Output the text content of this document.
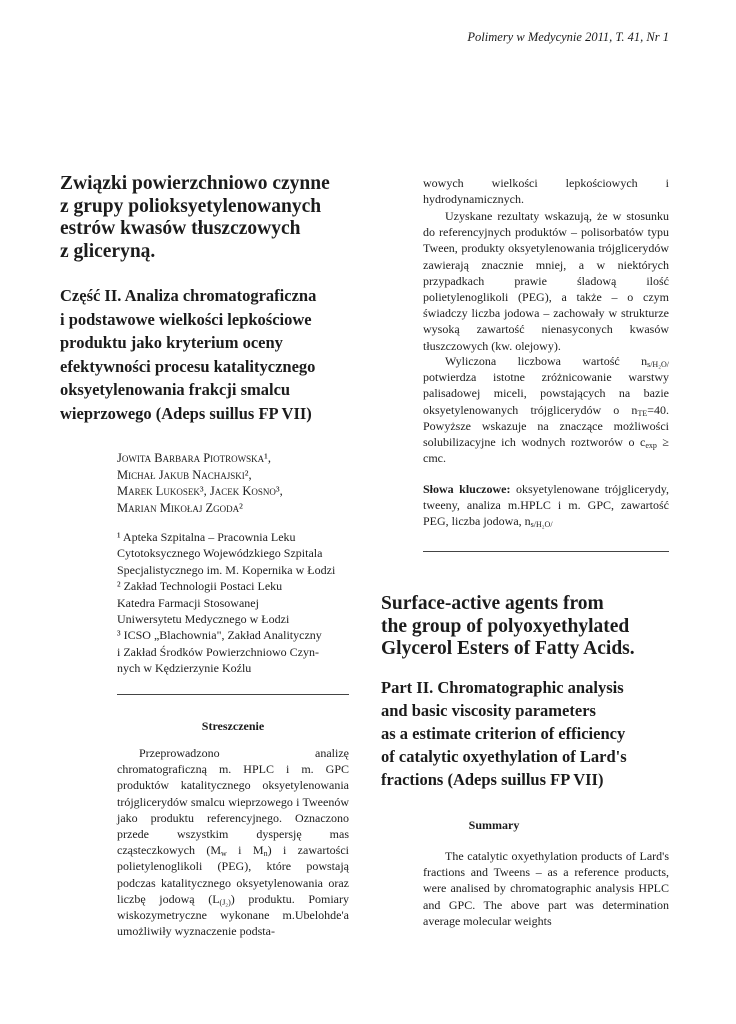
Polimery w Medycynie 2011, T. 41, Nr 1
Związki powierzchniowo czynne
z grupy polioksyetylenowanych
estrów kwasów tłuszczowych
z gliceryną.
Część II. Analiza chromatograficzna
i podstawowe wielkości lepkościowe
produktu jako kryterium oceny
efektywności procesu katalitycznego
oksyetylenowania frakcji smalcu
wieprzowego (Adeps suillus FP VII)
Jowita Barbara Piotrowska¹,
Michał Jakub Nachajski²,
Marek Lukosek³, Jacek Kosno³,
Marian Mikołaj Zgoda²
¹ Apteka Szpitalna – Pracownia Leku
Cytotoksycznego Wojewódzkiego Szpitala
Specjalistycznego im. M. Kopernika w Łodzi
² Zakład Technologii Postaci Leku
Katedra Farmacji Stosowanej
Uniwersytetu Medycznego w Łodzi
³ ICSO „Blachownia", Zakład Analityczny
i Zakład Środków Powierzchniowo Czyn-
nych w Kędzierzynie Koźlu
Streszczenie

Przeprowadzono analizę chromatograficzną m. HPLC i m. GPC produktów katalitycznego oksyetylenowania trójglicerydów smalcu wieprzowego i Tweenów jako produktu referencyjnego. Oznaczono przede wszystkim dyspersję mas cząsteczkowych ($M_w$ i $M_n$) i zawartości polietylenoglikoli (PEG), które powstają podczas katalitycznego oksyetylenowania oraz liczbę jodową $(L_{(J_2)})$ produktu. Pomiary wiskozymetryczne wykonane m.Ubelohde'a umożliwiły wyznaczenie podsta-

wowych wielkości lepkościowych i hydrodynamicznych.

Uzyskane rezultaty wskazują, że w stosunku do referencyjnych produktów – polisorbatów typu Tween, produkty oksyetylenowania trójglicerydów zawierają znacznie mniej, a w niektórych przypadkach prawie śladową ilość polietylenoglikoli (PEG), a także – o czym świadczy liczba jodowa – zachowały w strukturze wysoką zawartość nienasyconych kwasów tłuszczowych (kw. olejowy).

Wyliczona liczbowa wartość $n_{s/H_2O/}$ potwierdza istotne zróżnicowanie warstwy palisadowej miceli, powstających na bazie oksyetylenowanych trójglicerydów o $n_{TE}=40$. Powyższe wskazuje na znaczące możliwości solubilizacyjne ich wodnych roztworów o $c_{exp}$ ≥ cmc.

Słowa kluczowe: oksyetylenowane trójglicerydy, tweeny, analiza m.HPLC i m. GPC, zawartość PEG, liczba jodowa, $n_{s/H_2O/}$

Surface-active agents from
the group of polyoxyethylated
Glycerol Esters of Fatty Acids.
Part II. Chromatographic analysis
and basic viscosity parameters
as a estimate criterion of efficiency
of catalytic oxyethylation of Lard's
fractions (Adeps suillus FP VII)
Summary

The catalytic oxyethylation products of Lard's fractions and Tweens – as a reference products, were analised by chromatographic analysis HPLC and GPC. The above part was determination average molecular weights
